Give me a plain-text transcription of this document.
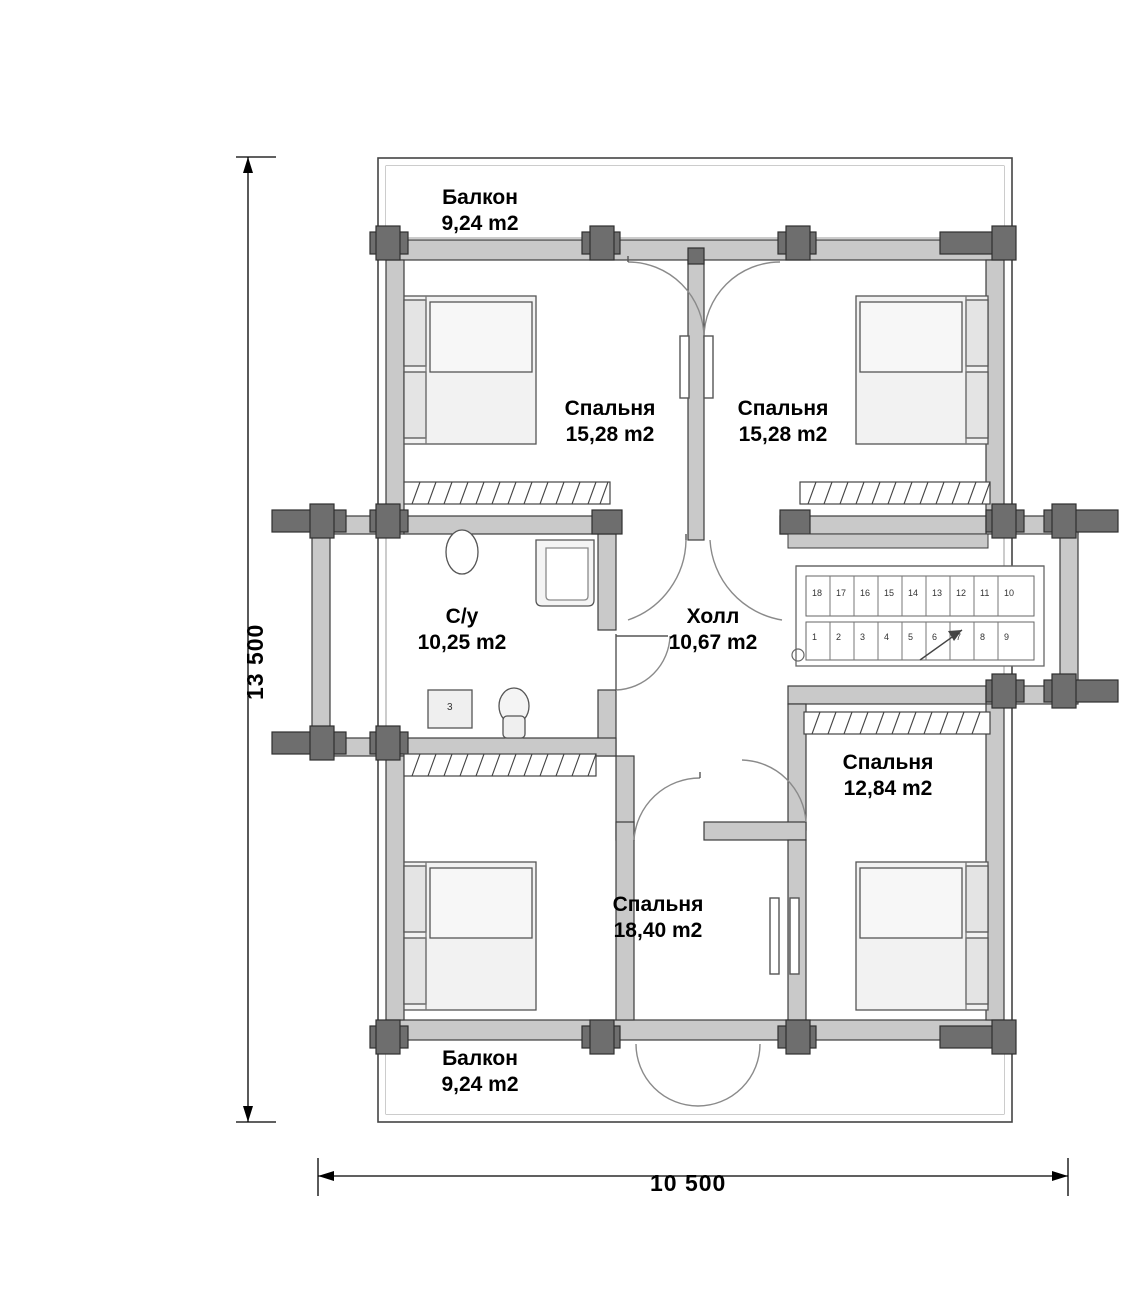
Балкон
9,24 m2
Спальня
15,28 m2
Спальня
15,28 m2
С/у
10,25 m2
Холл
10,67 m2
Спальня
12,84 m2
Спальня
18,40 m2
Балкон
9,24 m2
13 500
10 500
3
18 17 16 15 14 13 12 11 10
1 2 3 4 5 6 7 8 9
